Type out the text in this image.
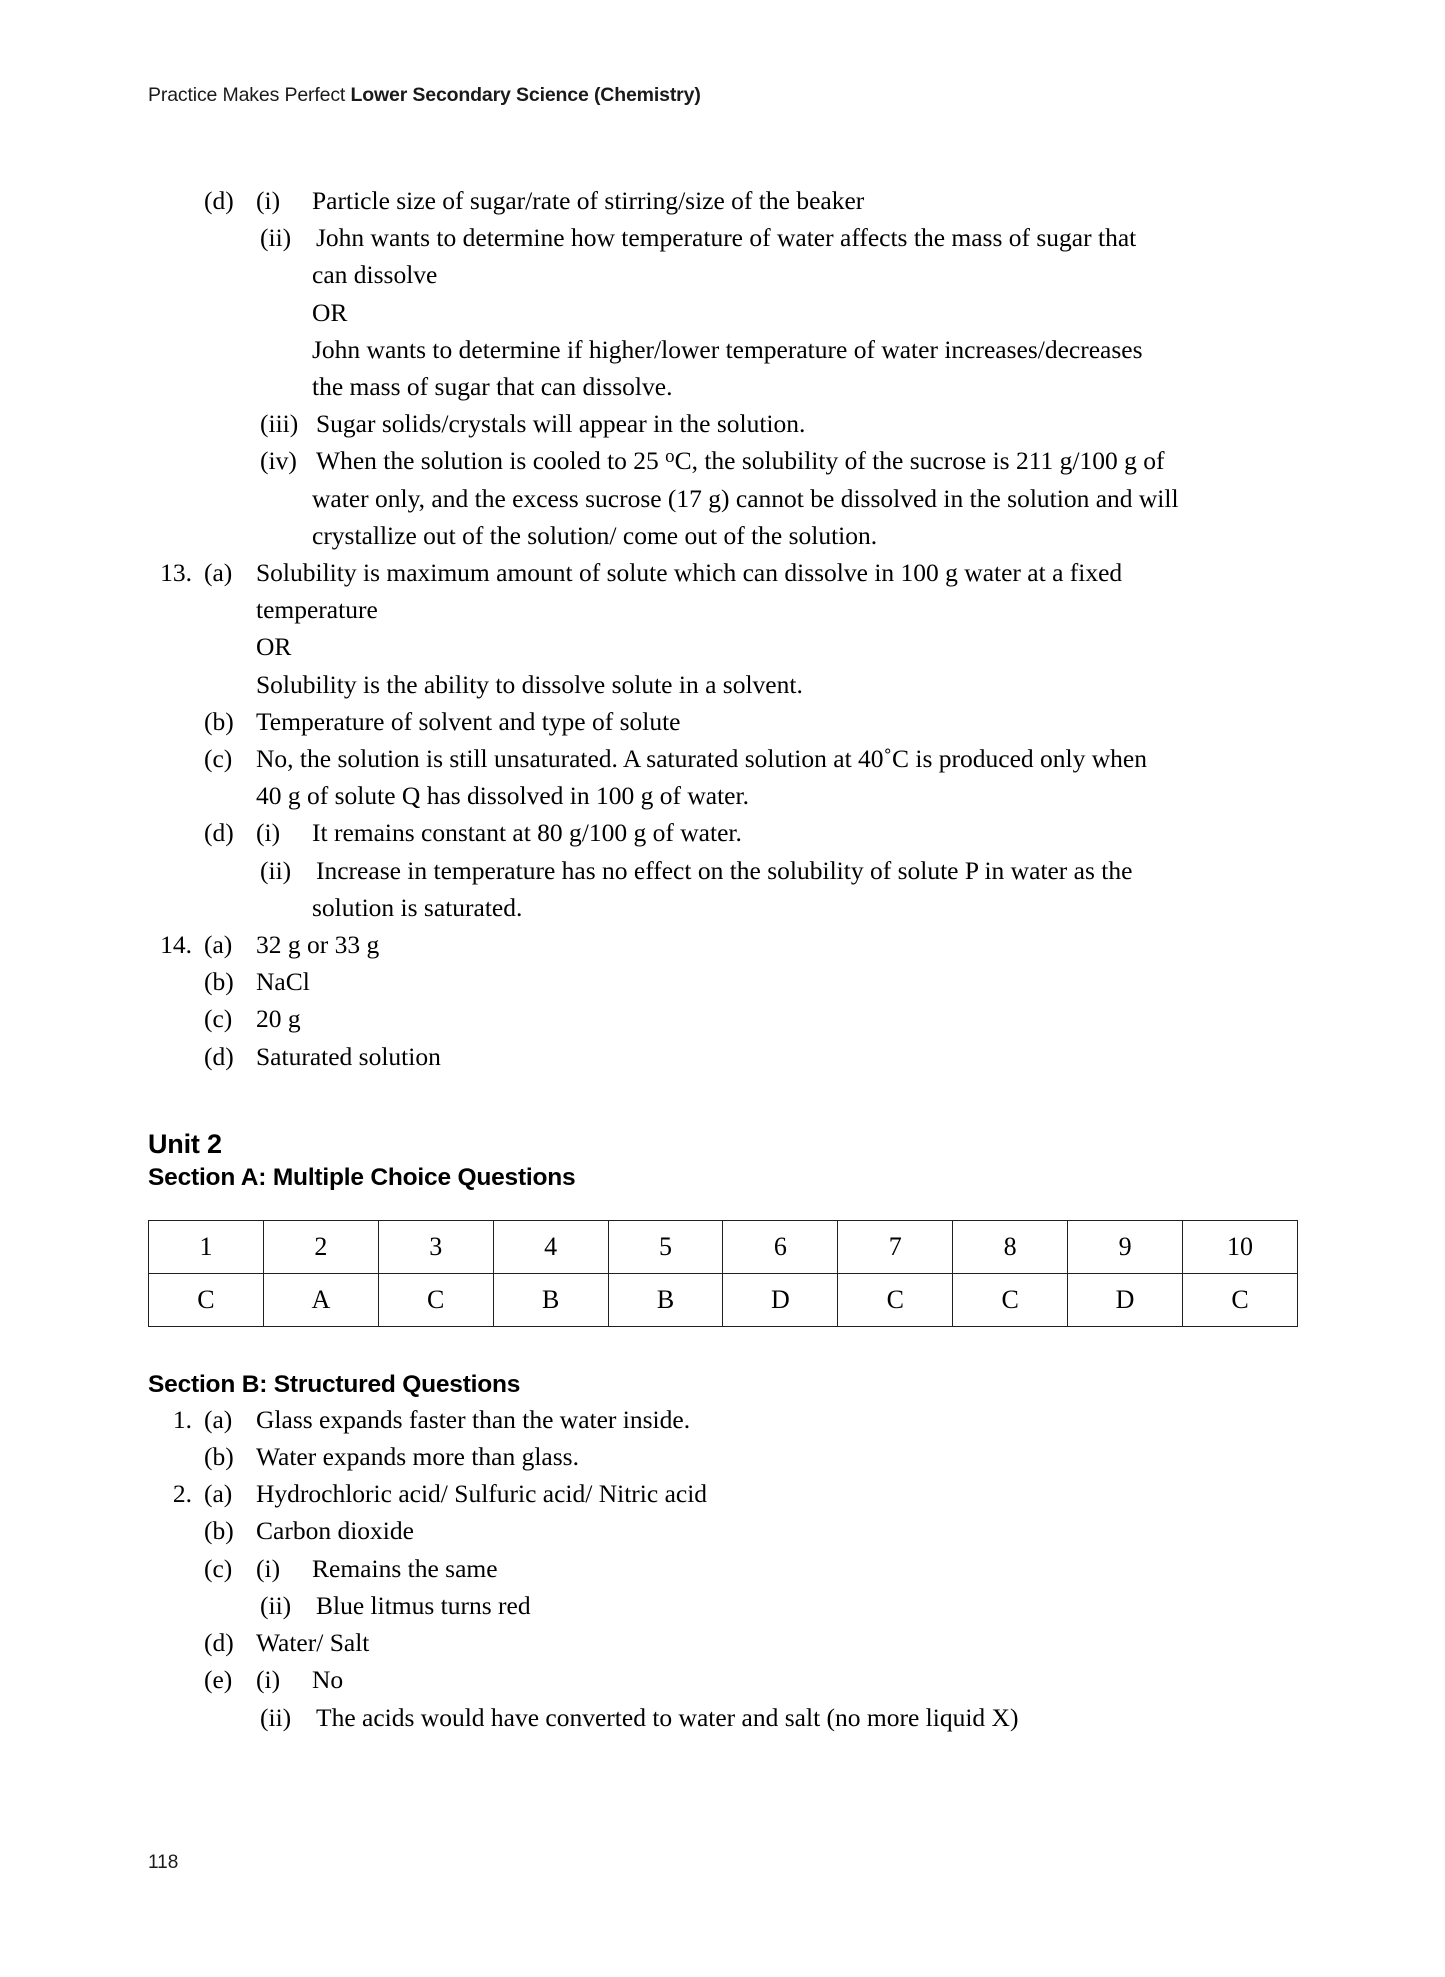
Practice Makes Perfect Lower Secondary Science (Chemistry)
(d) (i)	Particle size of sugar/rate of stirring/size of the beaker
(ii) John wants to determine how temperature of water affects the mass of sugar that
can dissolve
OR
John wants to determine if higher/lower temperature of water increases/decreases
the mass of sugar that can dissolve.
(iii) Sugar solids/crystals will appear in the solution.
(iv) When the solution is cooled to 25 $^o$C, the solubility of the sucrose is 211 g/100 g of
water only, and the excess sucrose (17 g) cannot be dissolved in the solution and will
crystallize out of the solution/ come out of the solution.
13. (a) Solubility is maximum amount of solute which can dissolve in 100 g water at a fixed
temperature
OR
Solubility is the ability to dissolve solute in a solvent.
(b) Temperature of solvent and type of solute
(c) No, the solution is still unsaturated. A saturated solution at 40˚C is produced only when
40 g of solute Q has dissolved in 100 g of water.
(d) (i)	It remains constant at 80 g/100 g of water.
(ii) Increase in temperature has no effect on the solubility of solute P in water as the
solution is saturated.
14. (a) 32 g or 33 g
(b) NaCl
(c) 20 g
(d) Saturated solution
Unit 2
Section A: Multiple Choice Questions
1	2	3	4	5	6	7	8	9	10
C	A	C	B	B	D	C	C	D	C
Section B: Structured Questions
1. (a) Glass expands faster than the water inside.
(b) Water expands more than glass.
2. (a) Hydrochloric acid/ Sulfuric acid/ Nitric acid
(b) Carbon dioxide
(c) (i)	Remains the same
(ii) Blue litmus turns red
(d) Water/ Salt
(e) (i)	No
(ii) The acids would have converted to water and salt (no more liquid X)
118
